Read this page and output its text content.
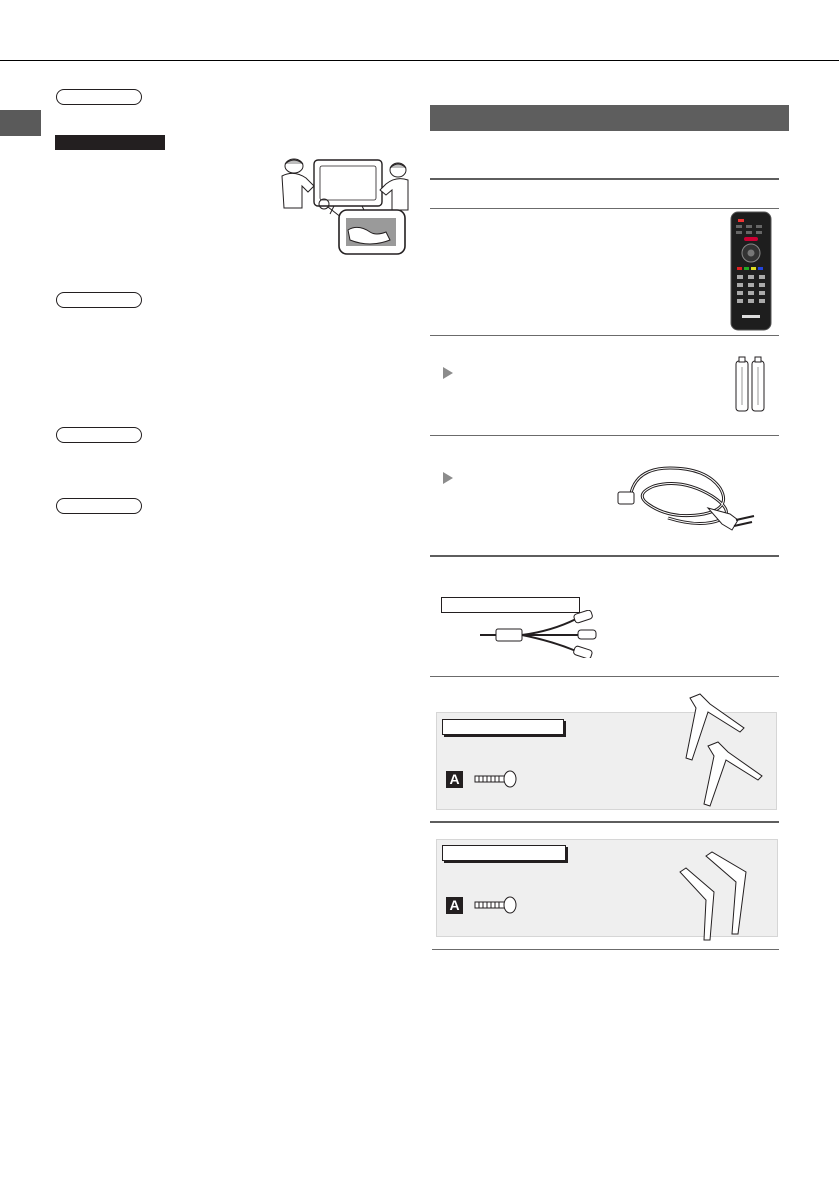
A
A
